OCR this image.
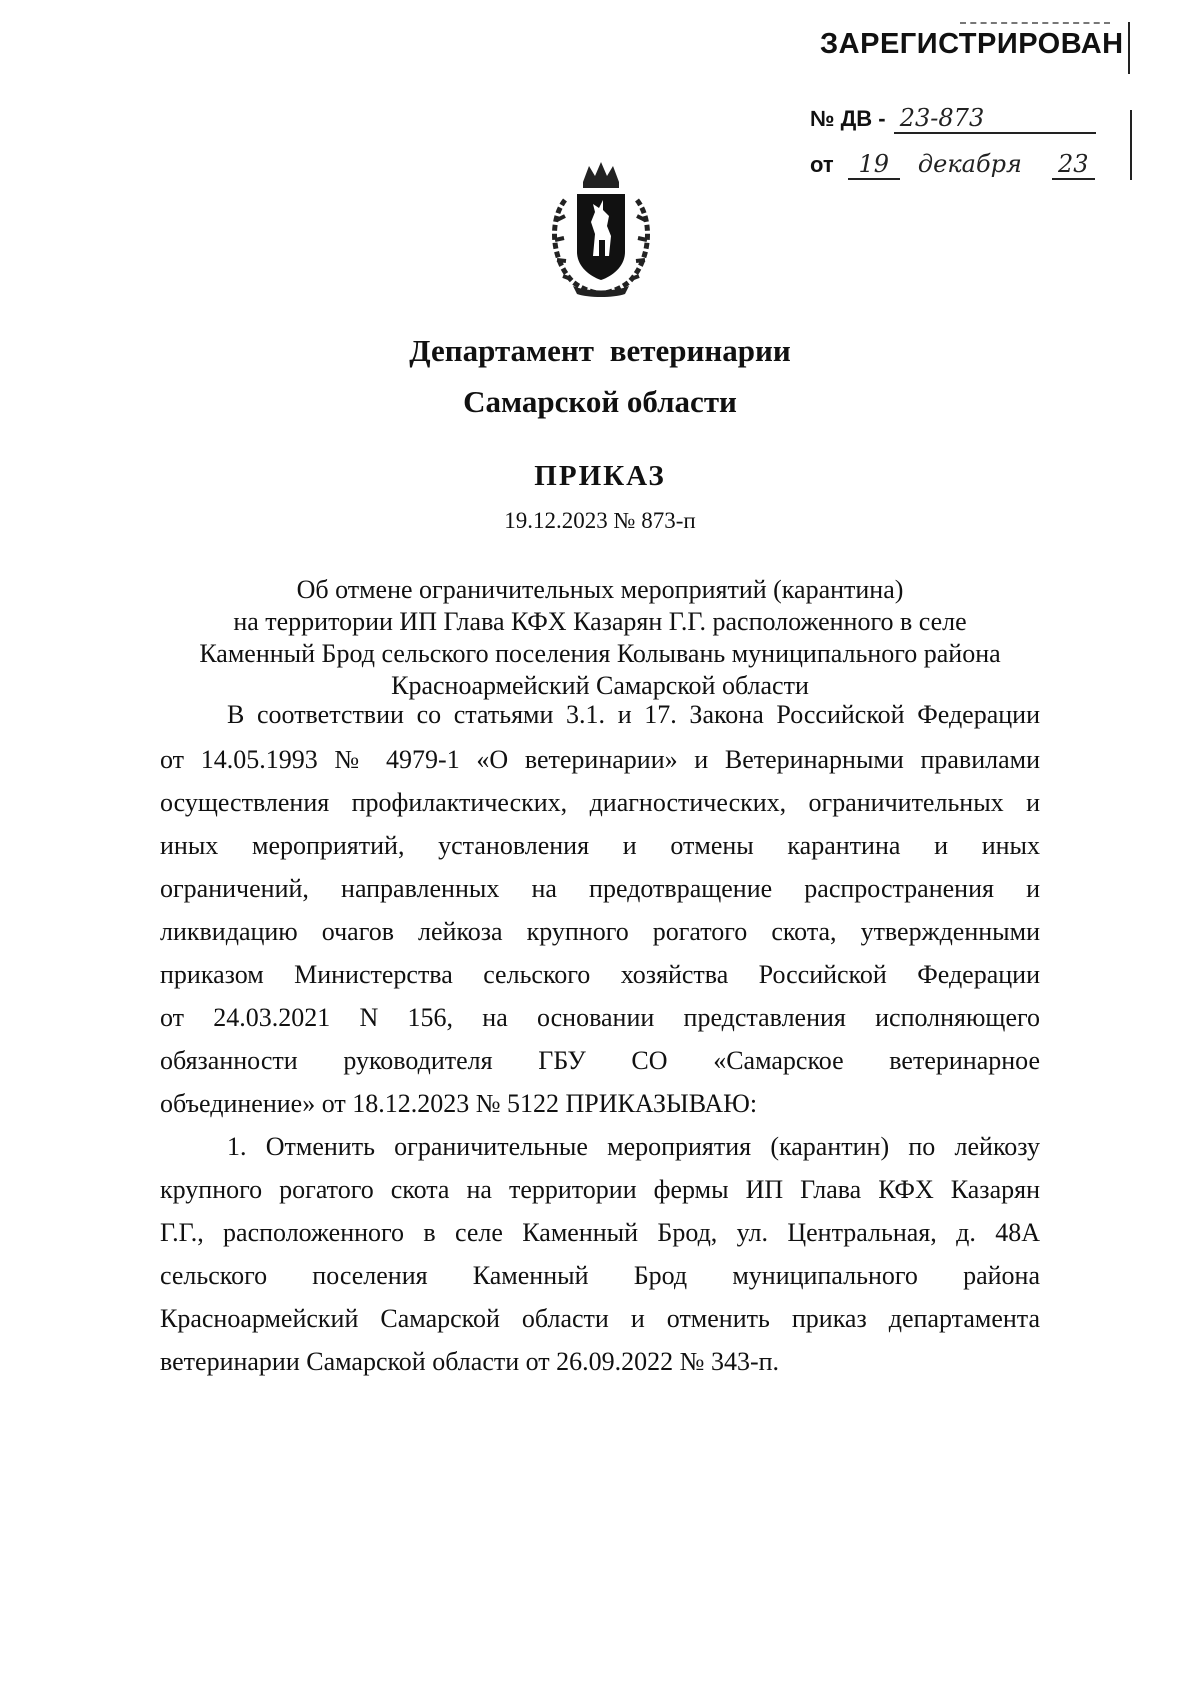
ЗАРЕГИСТРИРОВАН
№ ДВ - 23-873
от 19 декабря 23
Департамент ветеринарии
Самарской области
ПРИКАЗ
19.12.2023 № 873-п
Об отмене ограничительных мероприятий (карантина)
на территории ИП Глава КФХ Казарян Г.Г. расположенного в селе
Каменный Брод сельского поселения Колывань муниципального района
Красноармейский Самарской области
В соответствии со статьями 3.1. и 17. Закона Российской Федерации
от 14.05.1993 № 4979-1 «О ветеринарии» и Ветеринарными правилами
осуществления профилактических, диагностических, ограничительных и
иных мероприятий, установления и отмены карантина и иных
ограничений, направленных на предотвращение распространения и
ликвидацию очагов лейкоза крупного рогатого скота, утвержденными
приказом Министерства сельского хозяйства Российской Федерации
от 24.03.2021 N 156, на основании представления исполняющего
обязанности руководителя ГБУ СО «Самарское ветеринарное
объединение» от 18.12.2023 № 5122 ПРИКАЗЫВАЮ:
1. Отменить ограничительные мероприятия (карантин) по лейкозу
крупного рогатого скота на территории фермы ИП Глава КФХ Казарян
Г.Г., расположенного в селе Каменный Брод, ул. Центральная, д. 48А
сельского поселения Каменный Брод муниципального района
Красноармейский Самарской области и отменить приказ департамента
ветеринарии Самарской области от 26.09.2022 № 343-п.
